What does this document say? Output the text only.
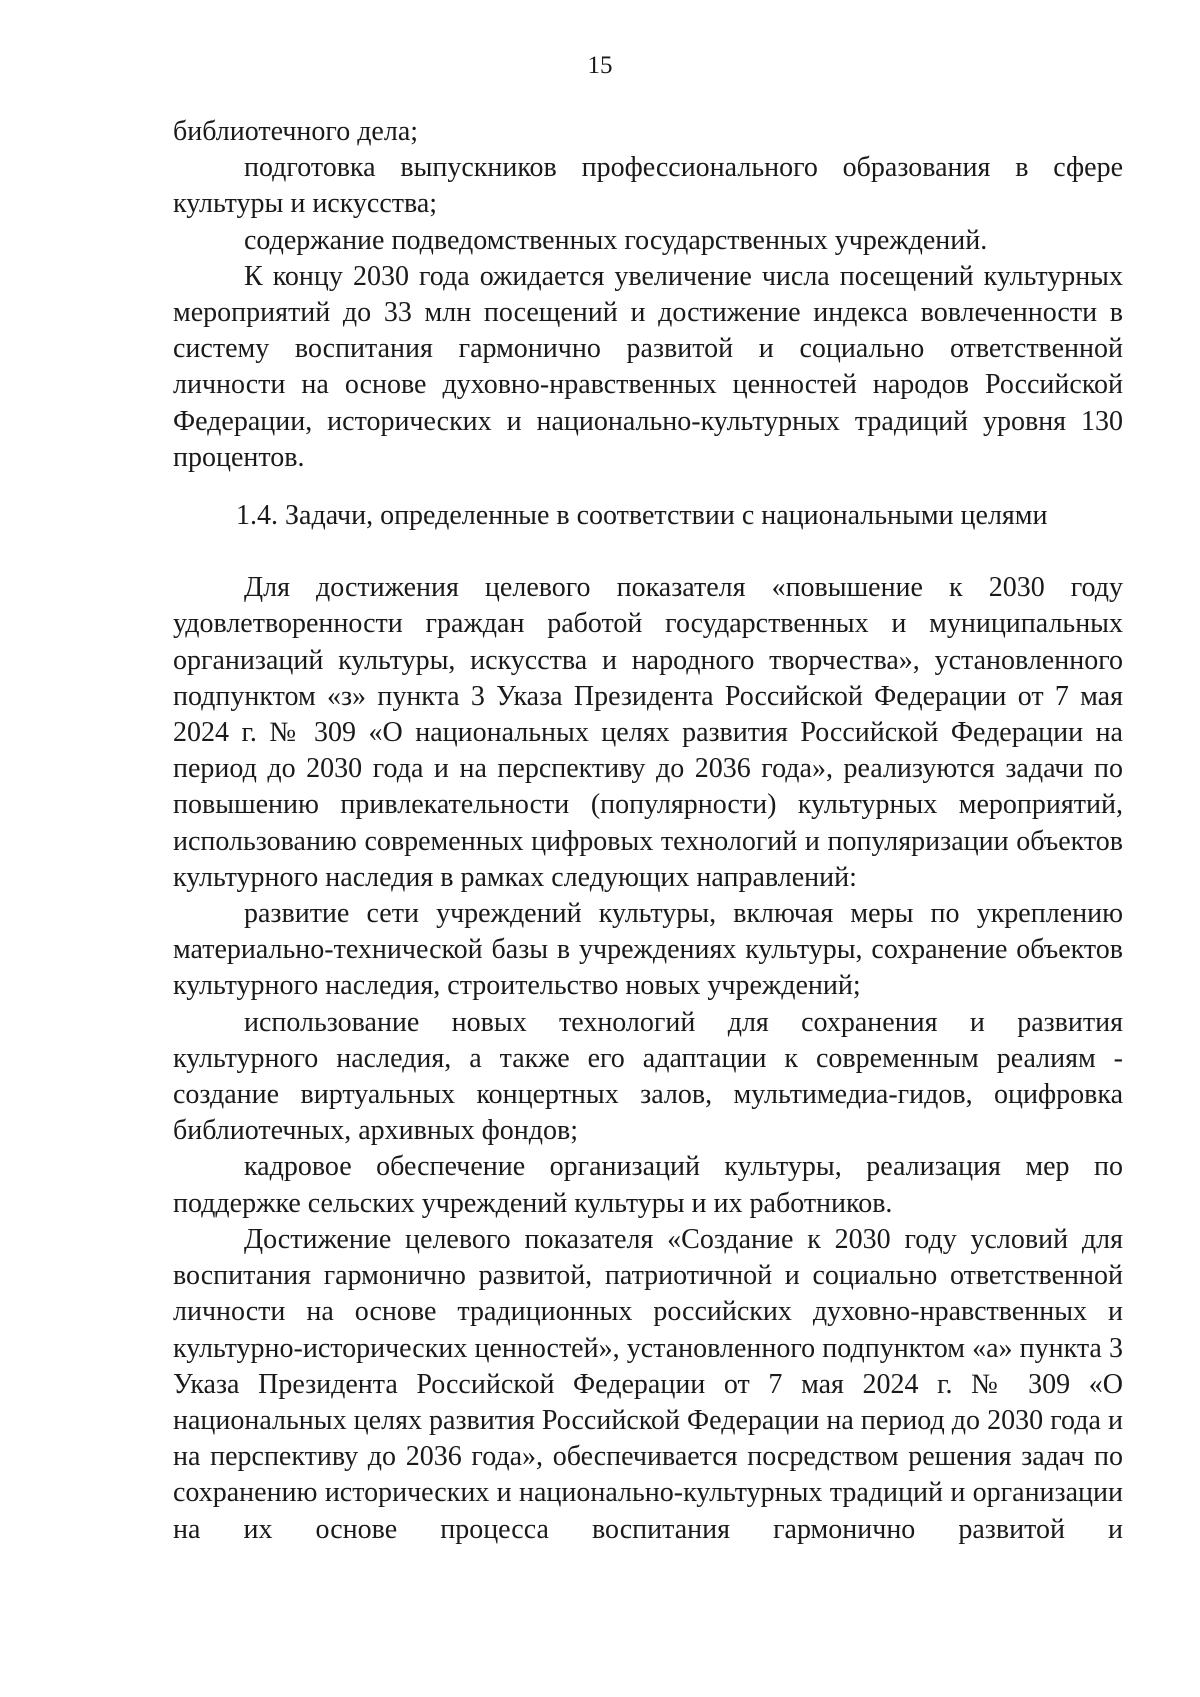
15

библиотечного дела;

подготовка выпускников профессионального образования в сфере культуры и искусства;

содержание подведомственных государственных учреждений.

К концу 2030 года ожидается увеличение числа посещений культурных мероприятий до 33 млн посещений и достижение индекса вовлеченности в систему воспитания гармонично развитой и социально ответственной личности на основе духовно-нравственных ценностей народов Российской Федерации, исторических и национально-культурных традиций уровня 130 процентов.

1.4. Задачи, определенные в соответствии с национальными целями

Для достижения целевого показателя «повышение к 2030 году удовлетворенности граждан работой государственных и муниципальных организаций культуры, искусства и народного творчества», установленного подпунктом «з» пункта 3 Указа Президента Российской Федерации от 7 мая 2024 г. № 309 «О национальных целях развития Российской Федерации на период до 2030 года и на перспективу до 2036 года», реализуются задачи по повышению привлекательности (популярности) культурных мероприятий, использованию современных цифровых технологий и популяризации объектов культурного наследия в рамках следующих направлений:

развитие сети учреждений культуры, включая меры по укреплению материально-технической базы в учреждениях культуры, сохранение объектов культурного наследия, строительство новых учреждений;

использование новых технологий для сохранения и развития культурного наследия, а также его адаптации к современным реалиям - создание виртуальных концертных залов, мультимедиа-гидов, оцифровка библиотечных, архивных фондов;

кадровое обеспечение организаций культуры, реализация мер по поддержке сельских учреждений культуры и их работников.

Достижение целевого показателя «Создание к 2030 году условий для воспитания гармонично развитой, патриотичной и социально ответственной личности на основе традиционных российских духовно-нравственных и культурно-исторических ценностей», установленного подпунктом «а» пункта 3 Указа Президента Российской Федерации от 7 мая 2024 г. № 309 «О национальных целях развития Российской Федерации на период до 2030 года и на перспективу до 2036 года», обеспечивается посредством решения задач по сохранению исторических и национально-культурных традиций и организации на их основе процесса воспитания гармонично развитой и
